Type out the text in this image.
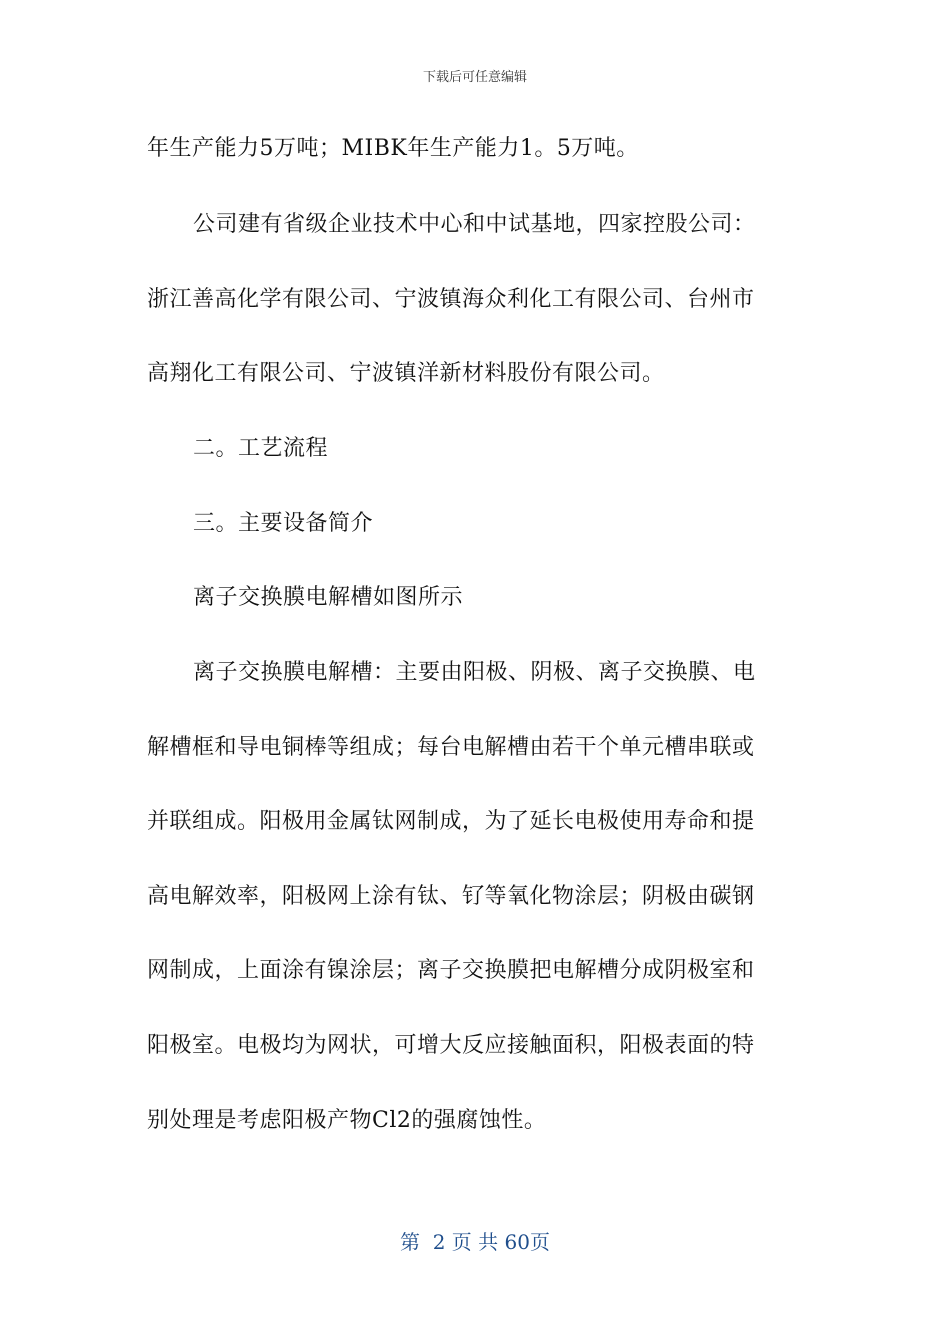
下载后可任意编辑
年生产能力5万吨；MIBK年生产能力1。5万吨。
公司建有省级企业技术中心和中试基地，四家控股公司：
浙江善高化学有限公司、宁波镇海众利化工有限公司、台州市
高翔化工有限公司、宁波镇洋新材料股份有限公司。
二。工艺流程
三。主要设备简介
离子交换膜电解槽如图所示
离子交换膜电解槽：主要由阳极、阴极、离子交换膜、电
解槽框和导电铜棒等组成；每台电解槽由若干个单元槽串联或
并联组成。阳极用金属钛网制成，为了延长电极使用寿命和提
高电解效率，阳极网上涂有钛、钌等氧化物涂层；阴极由碳钢
网制成，上面涂有镍涂层；离子交换膜把电解槽分成阴极室和
阳极室。电极均为网状，可增大反应接触面积，阳极表面的特
别处理是考虑阳极产物Cl2的强腐蚀性。
第  2 页 共 60页
